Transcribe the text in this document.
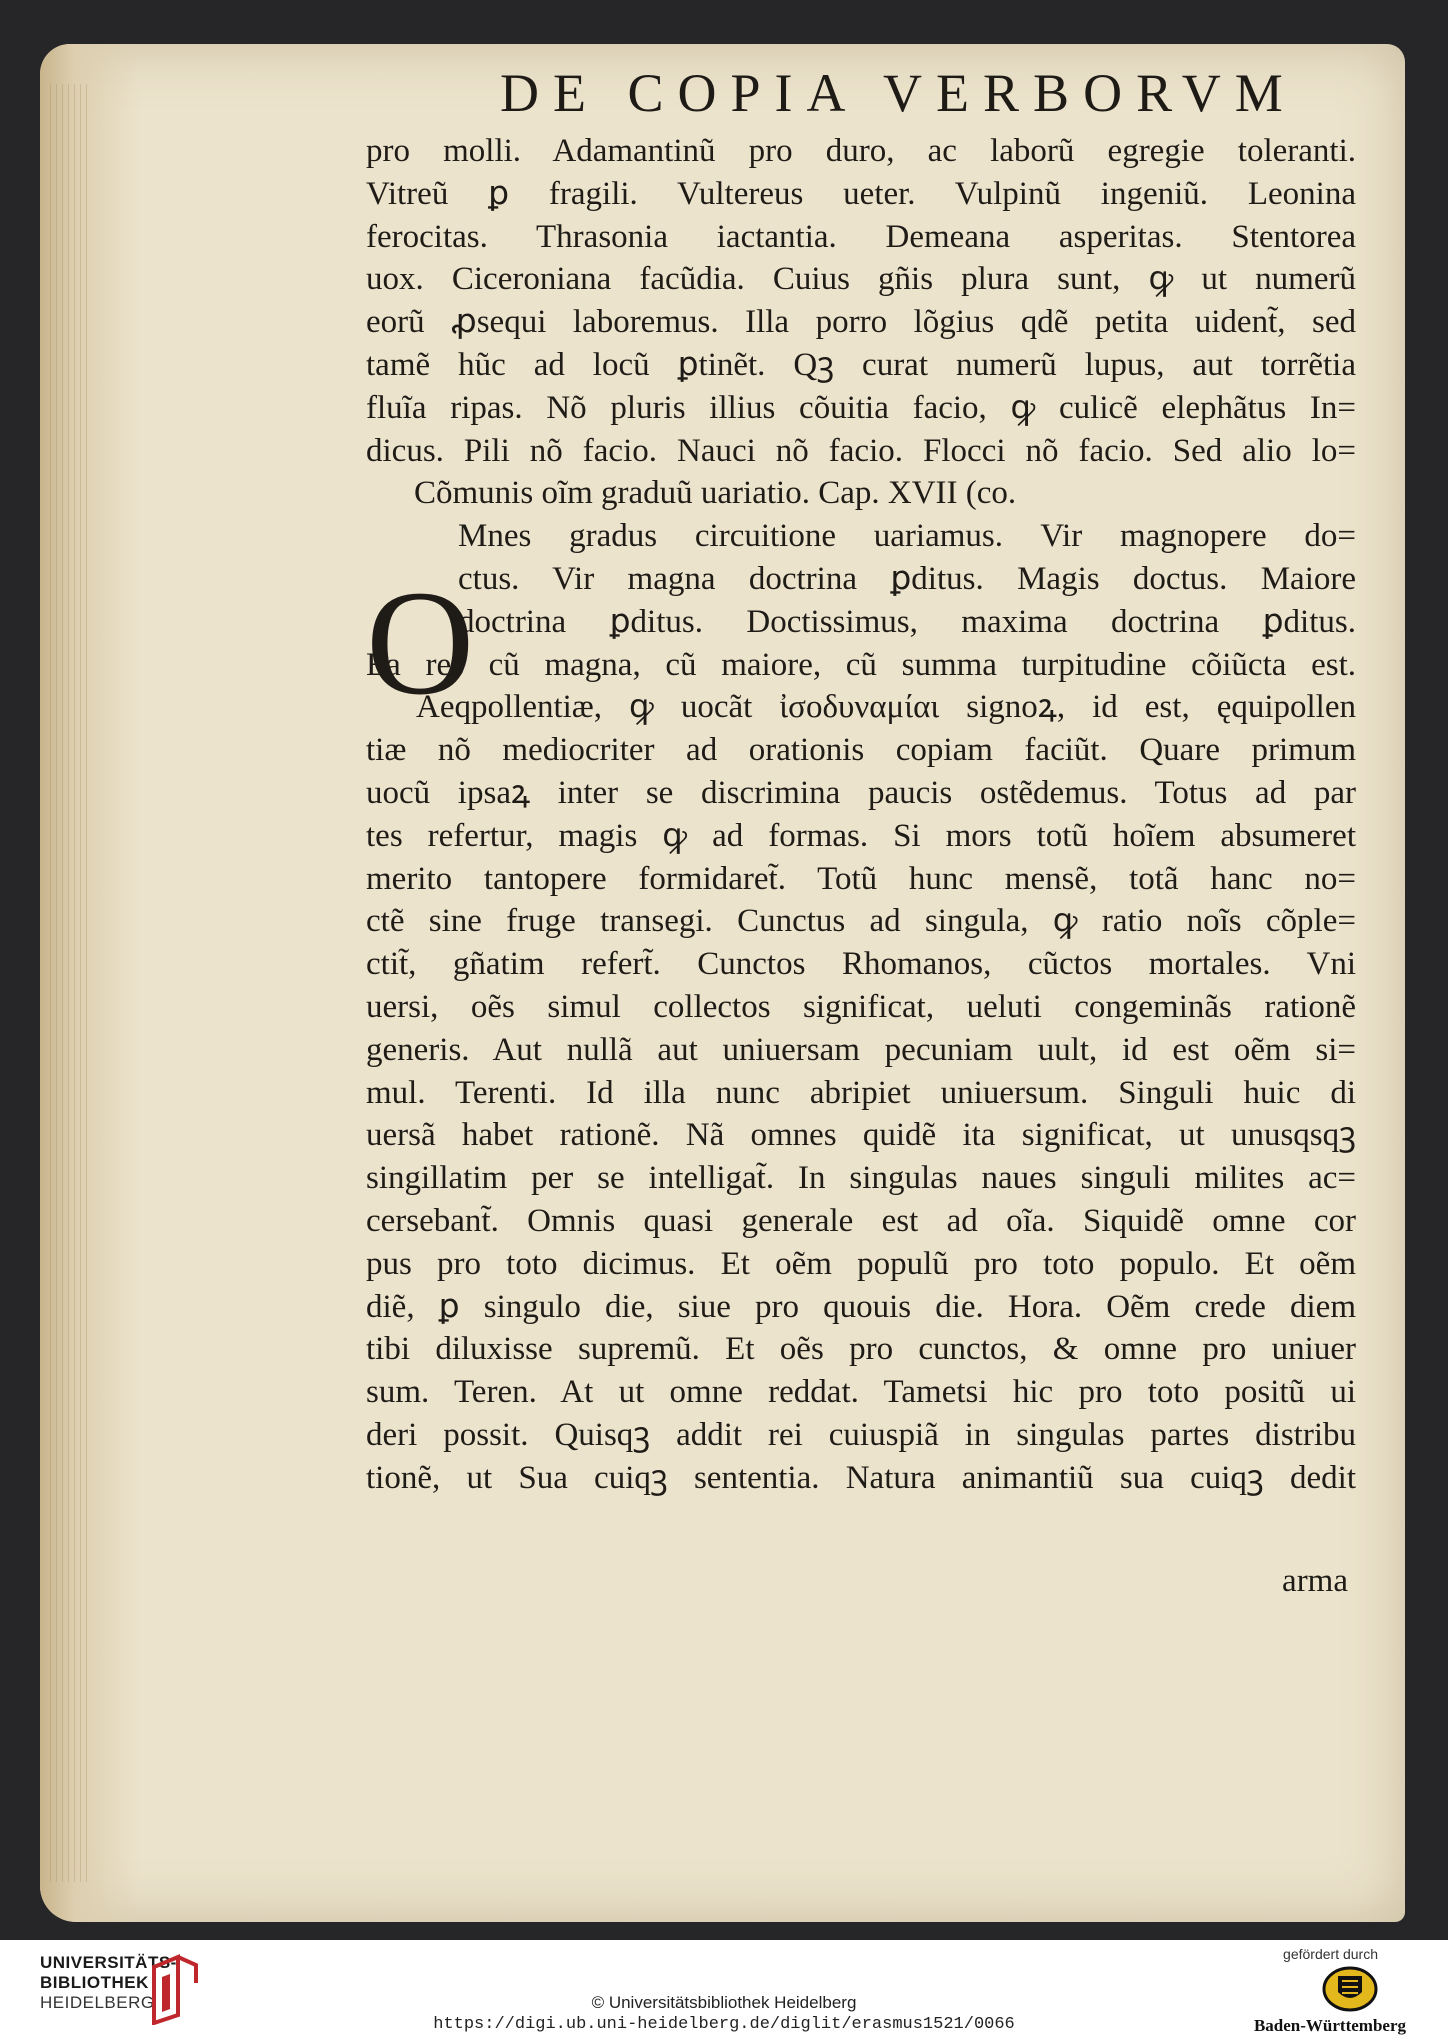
DE COPIA VERBORVM
O
pro molli. Adamantinũ pro duro, ac laborũ egregie toleranti.
Vitreũ ꝑ fragili. Vultereus ueter. Vulpinũ ingeniũ. Leonina
ferocitas. Thrasonia iactantia. Demeana asperitas. Stentorea
uox. Ciceroniana facũdia. Cuius gñis plura sunt, ꝙ ut numerũ
eorũ ꝓsequi laboremus. Illa porro lõgius qdẽ petita uident̃, sed
tamẽ hũc ad locũ ꝑtinẽt. Qꝫ curat numerũ lupus, aut torrẽtia
fluĩa ripas. Nõ pluris illius cõuitia facio, ꝙ culicẽ elephãtus In=
dicus. Pili nõ facio. Nauci nõ facio. Flocci nõ facio. Sed alio lo=
Cõmunis oĩm graduũ uariatio. Cap. XVII (co.
Mnes gradus circuitione uariamus. Vir magnopere do=
ctus. Vir magna doctrina ꝑditus. Magis doctus. Maiore
doctrina ꝑditus. Doctissimus, maxima doctrina ꝑditus.
Ea res cũ magna, cũ maiore, cũ summa turpitudine cõiũcta est.
Aeqpollentiæ, ꝙ uocãt ἰσοδυναμίαι signoꝝ, id est, ęquipollen
tiæ nõ mediocriter ad orationis copiam faciũt. Quare primum
uocũ ipsaꝝ inter se discrimina paucis ostẽdemus. Totus ad par
tes refertur, magis ꝙ ad formas. Si mors totũ hoĩem absumeret
merito tantopere formidaret̃. Totũ hunc mensẽ, totã hanc no=
ctẽ sine fruge transegi. Cunctus ad singula, ꝙ ratio noĩs cõple=
ctit̃, gñatim refert̃. Cunctos Rhomanos, cũctos mortales. Vni
uersi, oẽs simul collectos significat, ueluti congeminãs rationẽ
generis. Aut nullã aut uniuersam pecuniam uult, id est oẽm si=
mul. Terenti. Id illa nunc abripiet uniuersum. Singuli huic di
uersã habet rationẽ. Nã omnes quidẽ ita significat, ut unusqsqꝫ
singillatim per se intelligat̃. In singulas naues singuli milites ac=
cersebant̃. Omnis quasi generale est ad oĩa. Siquidẽ omne cor
pus pro toto dicimus. Et oẽm populũ pro toto populo. Et oẽm
diẽ, ꝑ singulo die, siue pro quouis die. Hora. Oẽm crede diem
tibi diluxisse supremũ. Et oẽs pro cunctos, & omne pro uniuer
sum. Teren. At ut omne reddat. Tametsi hic pro toto positũ ui
deri possit. Quisqꝫ addit rei cuiuspiã in singulas partes distribu
tionẽ, ut Sua cuiqꝫ sententia. Natura animantiũ sua cuiqꝫ dedit
arma
UNIVERSITÄTS-
BIBLIOTHEK
HEIDELBERG	© Universitätsbibliothek Heidelberg
https://digi.ub.uni-heidelberg.de/diglit/erasmus1521/0066
gefördert durch
Baden-Württemberg
